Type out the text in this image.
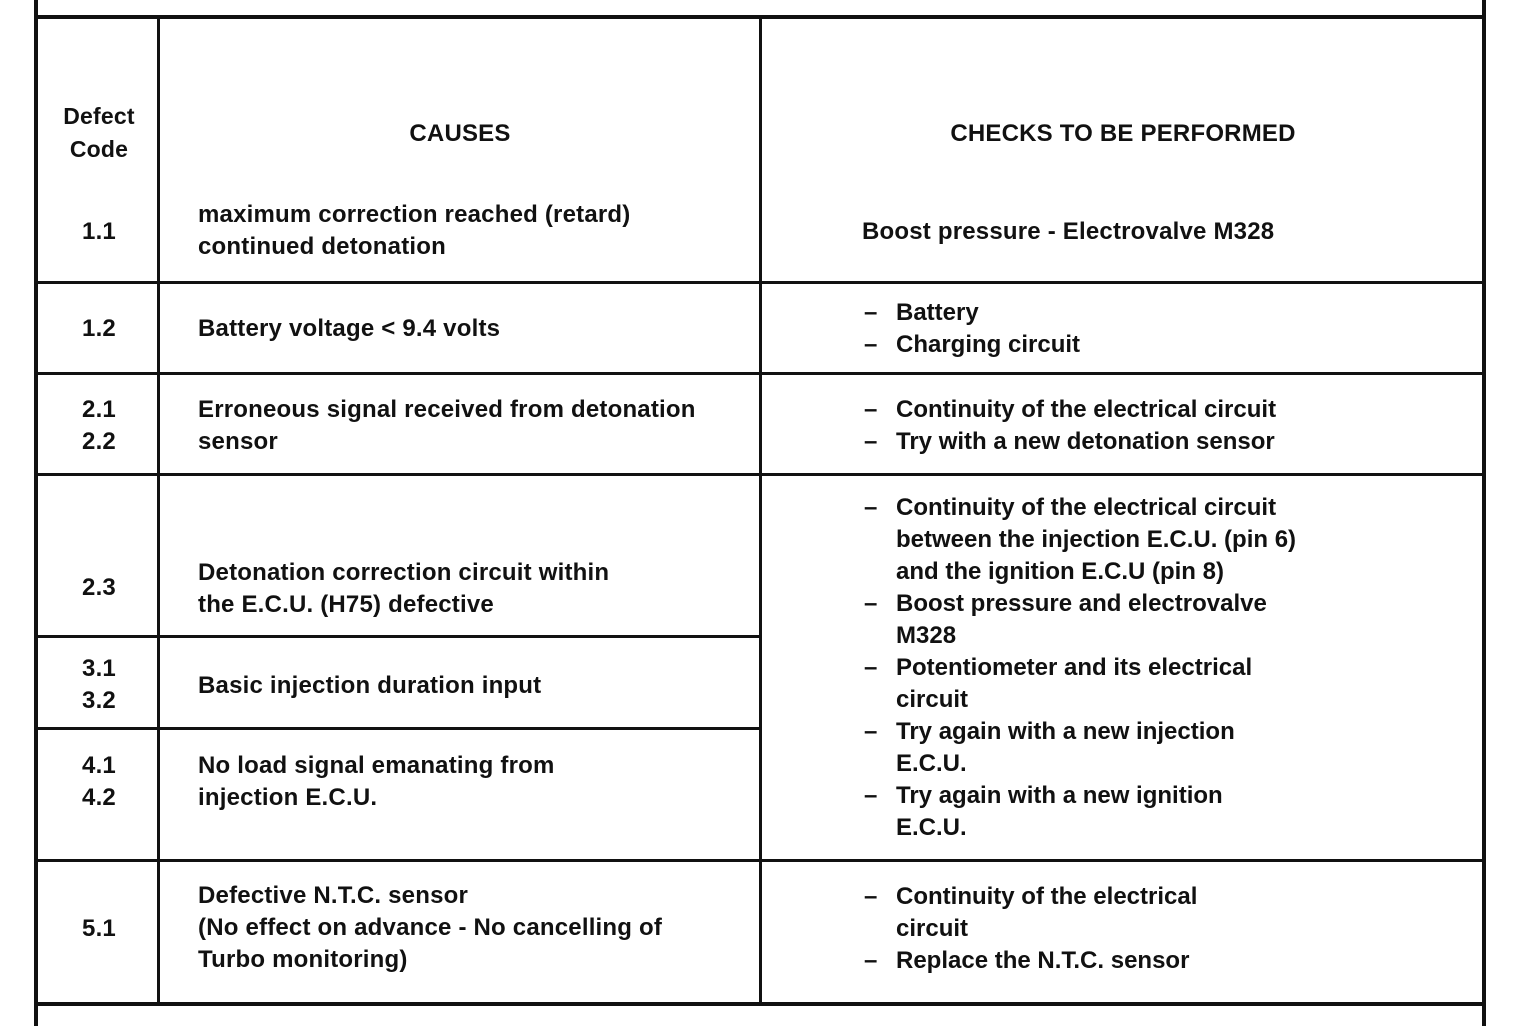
Defect
Code
CAUSES	CHECKS TO BE PERFORMED
1.1
maximum correction reached (retard)
continued detonation
Boost pressure - Electrovalve M328
1.2	Battery voltage < 9.4 volts
– Battery
– Charging circuit
2.1
2.2
Erroneous signal received from detonation
sensor
– Continuity of the electrical circuit
– Try with a new detonation sensor
2.3
Detonation correction circuit within
the E.C.U. (H75) defective
3.1
3.2
Basic injection duration input
4.1
4.2
No load signal emanating from
injection E.C.U.
– Continuity of the electrical circuit
between the injection E.C.U. (pin 6)
and the ignition E.C.U (pin 8)
– Boost pressure and electrovalve
M328
– Potentiometer and its electrical
circuit
– Try again with a new injection
E.C.U.
– Try again with a new ignition
E.C.U.
5.1
Defective N.T.C. sensor
(No effect on advance - No cancelling of
Turbo monitoring)
– Continuity of the electrical
circuit
– Replace the N.T.C. sensor
